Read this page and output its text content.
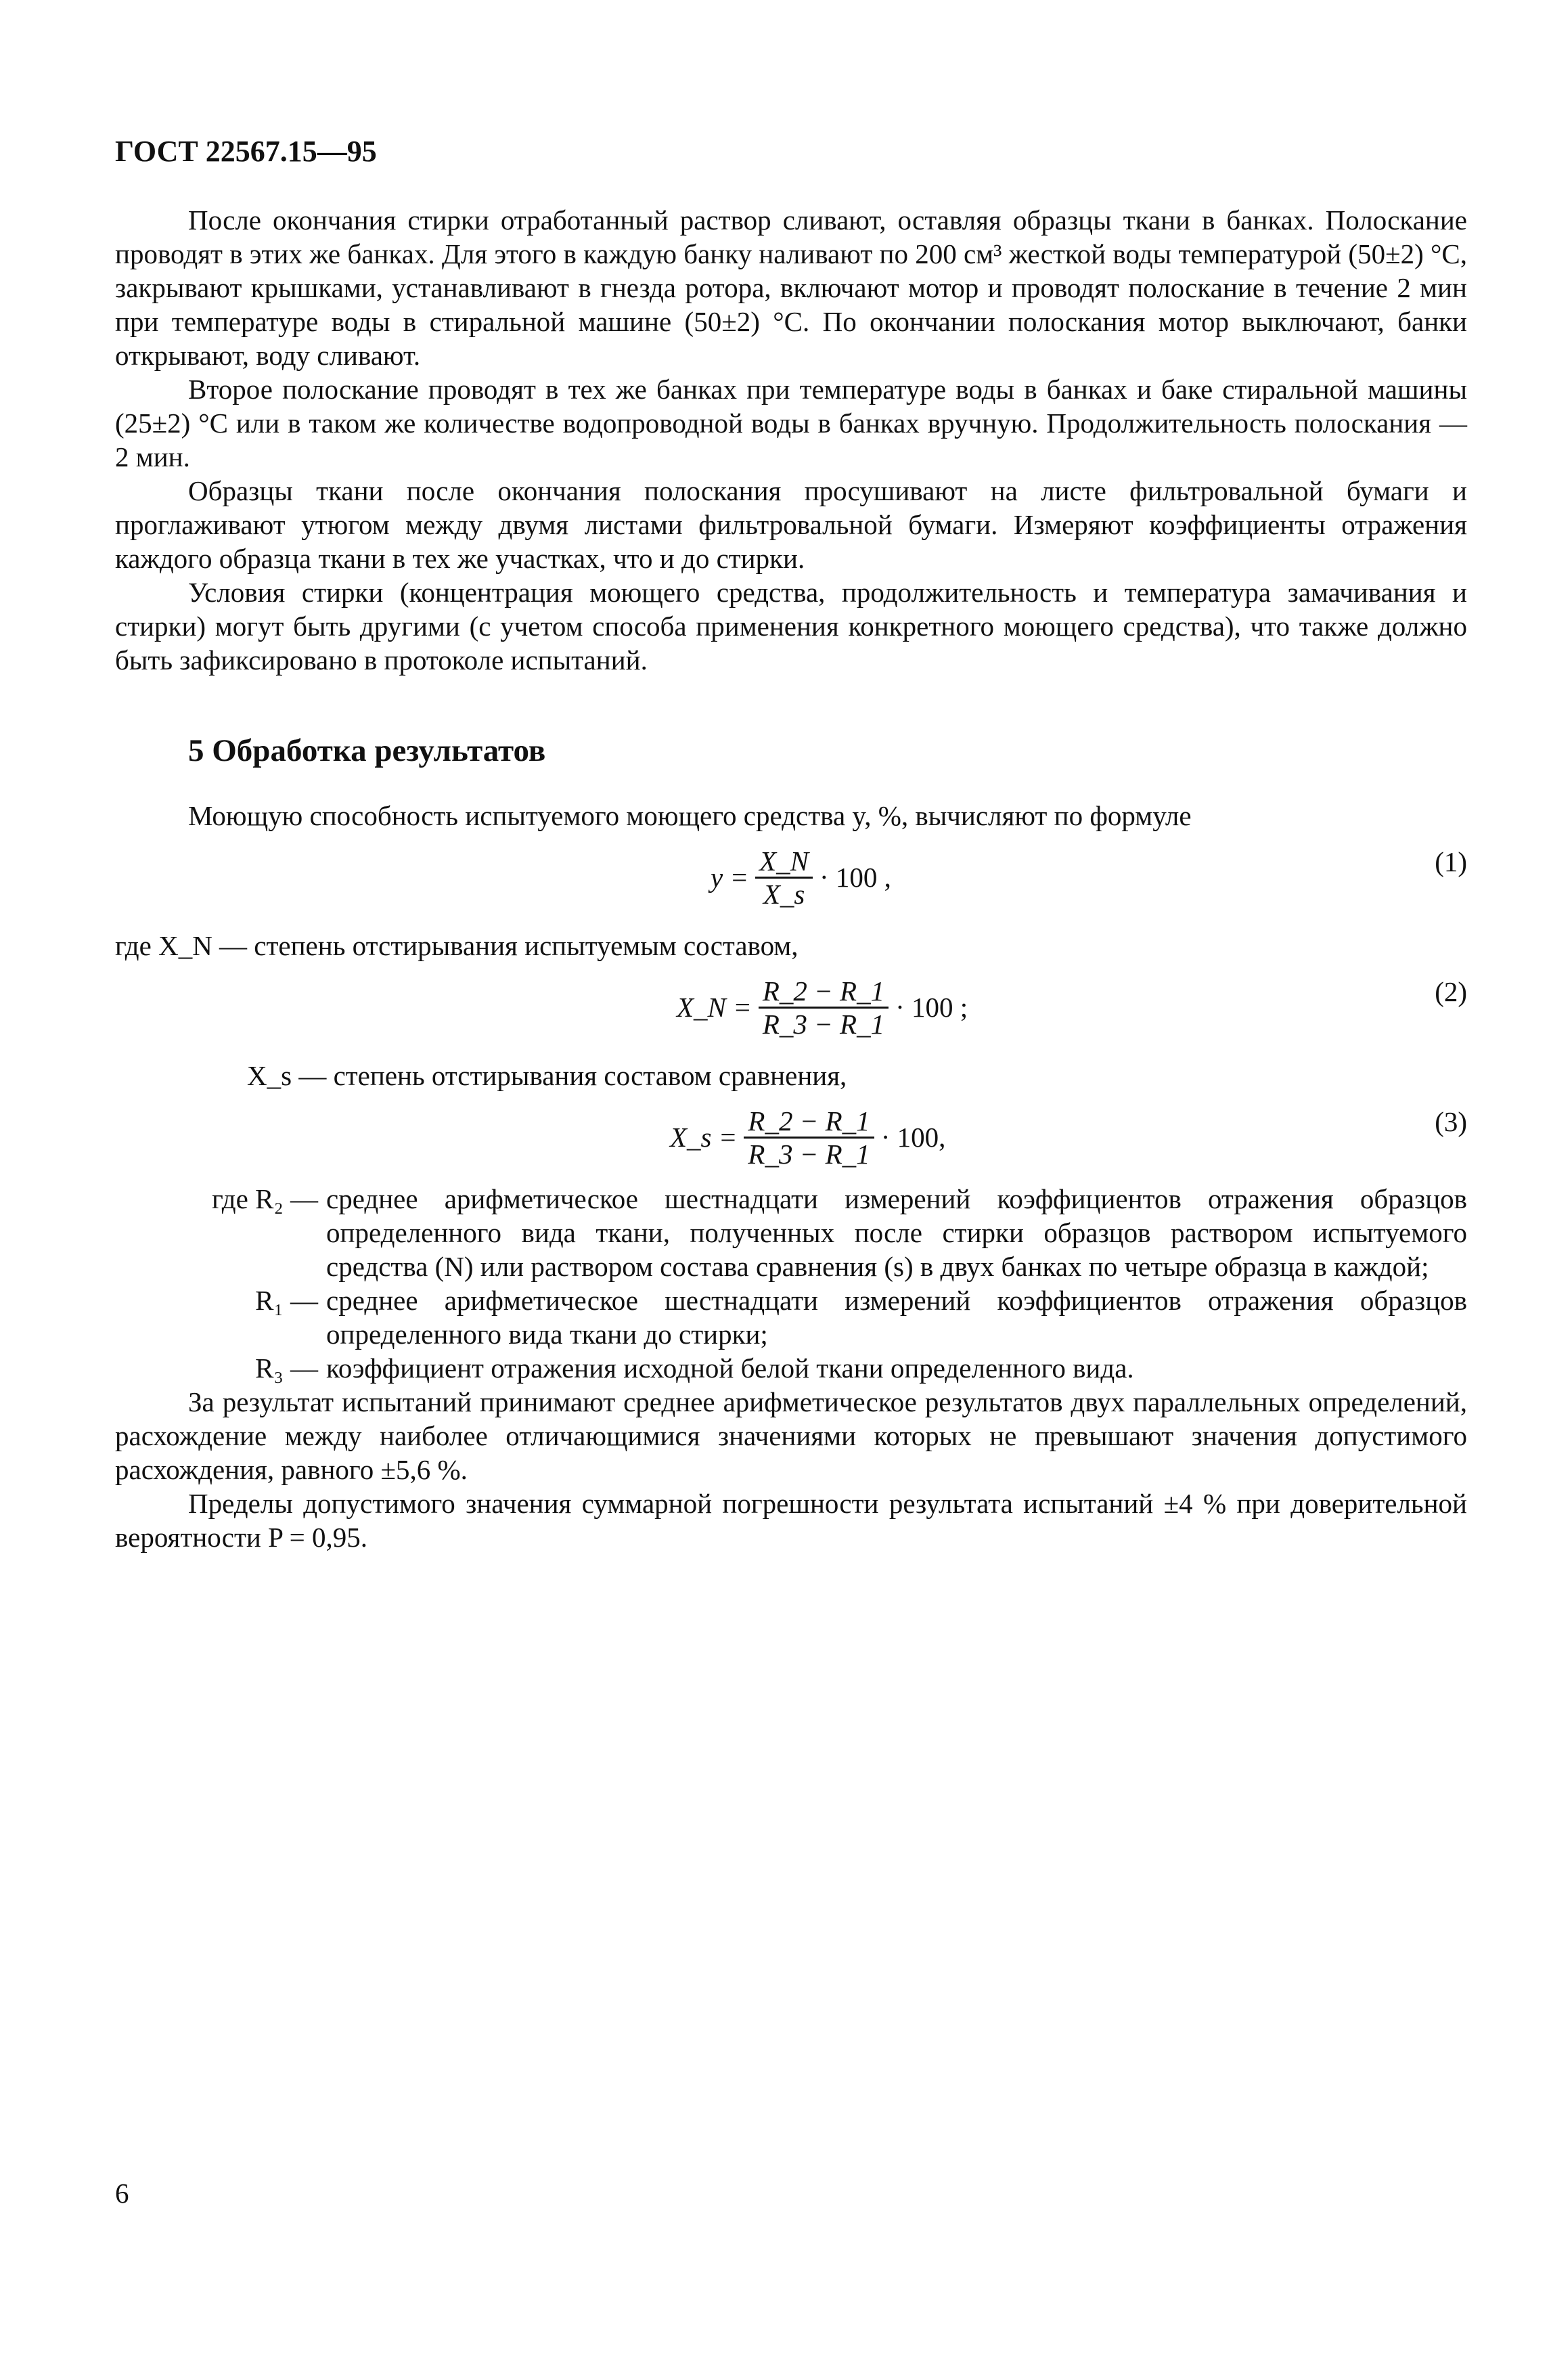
ГОСТ 22567.15—95

После окончания стирки отработанный раствор сливают, оставляя образцы ткани в банках. Полоскание проводят в этих же банках. Для этого в каждую банку наливают по 200 см³ жесткой воды температурой (50±2) °С, закрывают крышками, устанавливают в гнезда ротора, включают мотор и проводят полоскание в течение 2 мин при температуре воды в стиральной машине (50±2) °С. По окончании полоскания мотор выключают, банки открывают, воду сливают.

Второе полоскание проводят в тех же банках при температуре воды в банках и баке стиральной машины (25±2) °С или в таком же количестве водопроводной воды в банках вручную. Продолжительность полоскания — 2 мин.

Образцы ткани после окончания полоскания просушивают на листе фильтровальной бумаги и проглаживают утюгом между двумя листами фильтровальной бумаги. Измеряют коэффициенты отражения каждого образца ткани в тех же участках, что и до стирки.

Условия стирки (концентрация моющего средства, продолжительность и температура замачивания и стирки) могут быть другими (с учетом способа применения конкретного моющего средства), что также должно быть зафиксировано в протоколе испытаний.

5 Обработка результатов

Моющую способность испытуемого моющего средства y, %, вычисляют по формуле

$y = \frac{X\_N}{X\_s} \cdot 100$ ,	(1)

где X_N — степень отстирывания испытуемым составом,

X_N = $\frac{R\_2 - R\_1}{R\_3 - R\_1} \cdot 100$ ;	(2)

X_s — степень отстирывания составом сравнения,

X_s = $\frac{R\_2 - R\_1}{R\_3 - R\_1} \cdot 100$,	(3)
где R₂ — среднее арифметическое шестнадцати измерений коэффициентов отражения образцов определенного вида ткани, полученных после стирки образцов раствором испытуемого средства (N) или раствором состава сравнения (s) в двух банках по четыре образца в каждой;
R₁ — среднее арифметическое шестнадцати измерений коэффициентов отражения образцов определенного вида ткани до стирки;
R₃ — коэффициент отражения исходной белой ткани определенного вида.

За результат испытаний принимают среднее арифметическое результатов двух параллельных определений, расхождение между наиболее отличающимися значениями которых не превышают значения допустимого расхождения, равного ±5,6 %.

Пределы допустимого значения суммарной погрешности результата испытаний ±4 % при доверительной вероятности P = 0,95.

6
